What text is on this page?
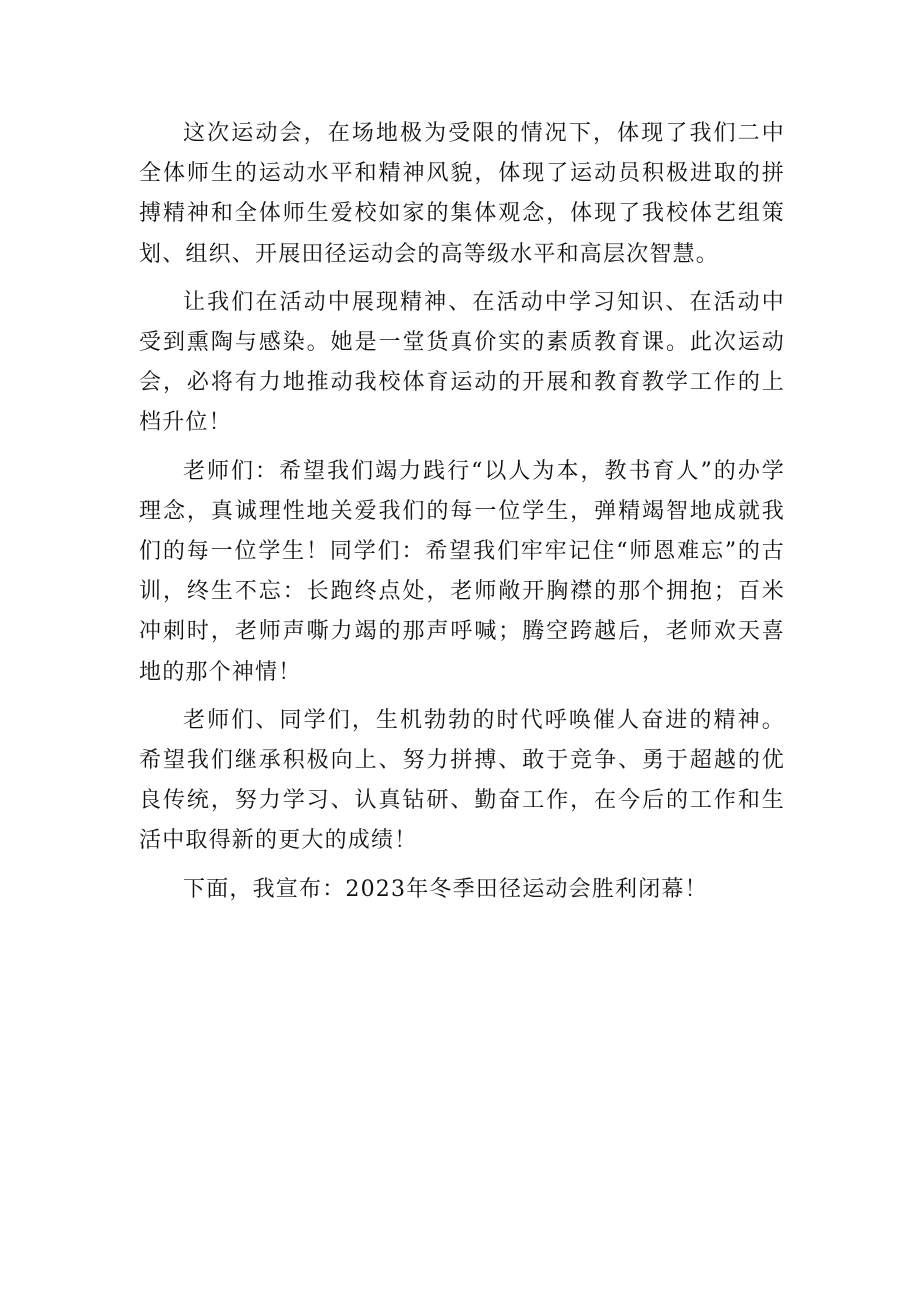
这次运动会，在场地极为受限的情况下，体现了我们二中全体师生的运动水平和精神风貌，体现了运动员积极进取的拼搏精神和全体师生爱校如家的集体观念，体现了我校体艺组策划、组织、开展田径运动会的高等级水平和高层次智慧。

让我们在活动中展现精神、在活动中学习知识、在活动中受到熏陶与感染。她是一堂货真价实的素质教育课。此次运动会，必将有力地推动我校体育运动的开展和教育教学工作的上档升位！

老师们：希望我们竭力践行“以人为本，教书育人”的办学理念，真诚理性地关爱我们的每一位学生，弹精竭智地成就我们的每一位学生！同学们：希望我们牢牢记住“师恩难忘”的古训，终生不忘：长跑终点处，老师敞开胸襟的那个拥抱；百米冲刺时，老师声嘶力竭的那声呼喊；腾空跨越后，老师欢天喜地的那个神情！

老师们、同学们，生机勃勃的时代呼唤催人奋进的精神。希望我们继承积极向上、努力拼搏、敢于竞争、勇于超越的优良传统，努力学习、认真钻研、勤奋工作，在今后的工作和生活中取得新的更大的成绩！

下面，我宣布：2023年冬季田径运动会胜利闭幕！
